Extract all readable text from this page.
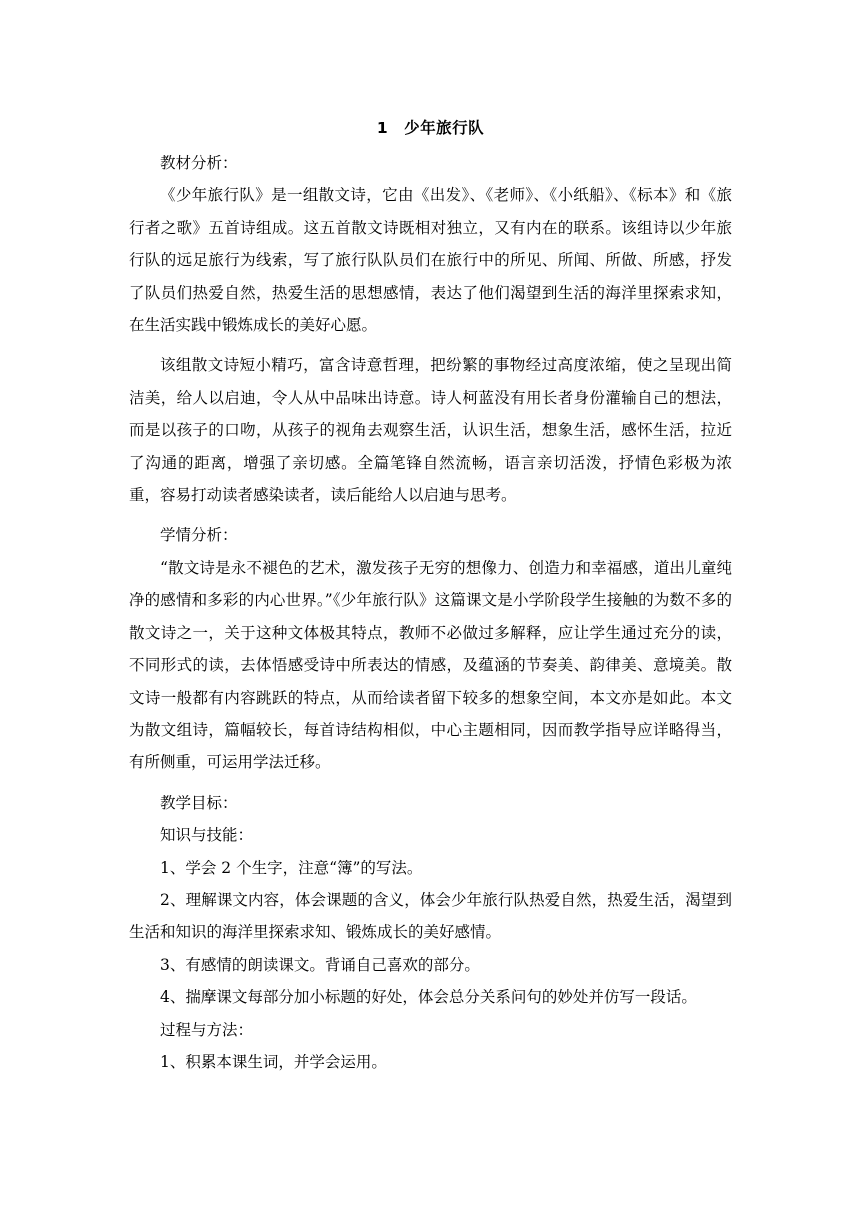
1　少年旅行队

教材分析：

《少年旅行队》是一组散文诗，它由《出发》、《老师》、《小纸船》、《标本》和《旅行者之歌》五首诗组成。这五首散文诗既相对独立，又有内在的联系。该组诗以少年旅行队的远足旅行为线索，写了旅行队队员们在旅行中的所见、所闻、所做、所感，抒发了队员们热爱自然，热爱生活的思想感情，表达了他们渴望到生活的海洋里探索求知，在生活实践中锻炼成长的美好心愿。

该组散文诗短小精巧，富含诗意哲理，把纷繁的事物经过高度浓缩，使之呈现出简洁美，给人以启迪，令人从中品味出诗意。诗人柯蓝没有用长者身份灌输自己的想法，而是以孩子的口吻，从孩子的视角去观察生活，认识生活，想象生活，感怀生活，拉近了沟通的距离，增强了亲切感。全篇笔锋自然流畅，语言亲切活泼，抒情色彩极为浓重，容易打动读者感染读者，读后能给人以启迪与思考。

学情分析：

“散文诗是永不褪色的艺术，激发孩子无穷的想像力、创造力和幸福感，道出儿童纯净的感情和多彩的内心世界。”《少年旅行队》这篇课文是小学阶段学生接触的为数不多的散文诗之一，关于这种文体极其特点，教师不必做过多解释，应让学生通过充分的读，不同形式的读，去体悟感受诗中所表达的情感，及蕴涵的节奏美、韵律美、意境美。散文诗一般都有内容跳跃的特点，从而给读者留下较多的想象空间，本文亦是如此。本文为散文组诗，篇幅较长，每首诗结构相似，中心主题相同，因而教学指导应详略得当，有所侧重，可运用学法迁移。

教学目标：

知识与技能：

1、学会 2 个生字，注意“簿”的写法。

2、理解课文内容，体会课题的含义，体会少年旅行队热爱自然，热爱生活，渴望到生活和知识的海洋里探索求知、锻炼成长的美好感情。

3、有感情的朗读课文。背诵自己喜欢的部分。

4、揣摩课文每部分加小标题的好处，体会总分关系问句的妙处并仿写一段话。

过程与方法：

1、积累本课生词，并学会运用。
